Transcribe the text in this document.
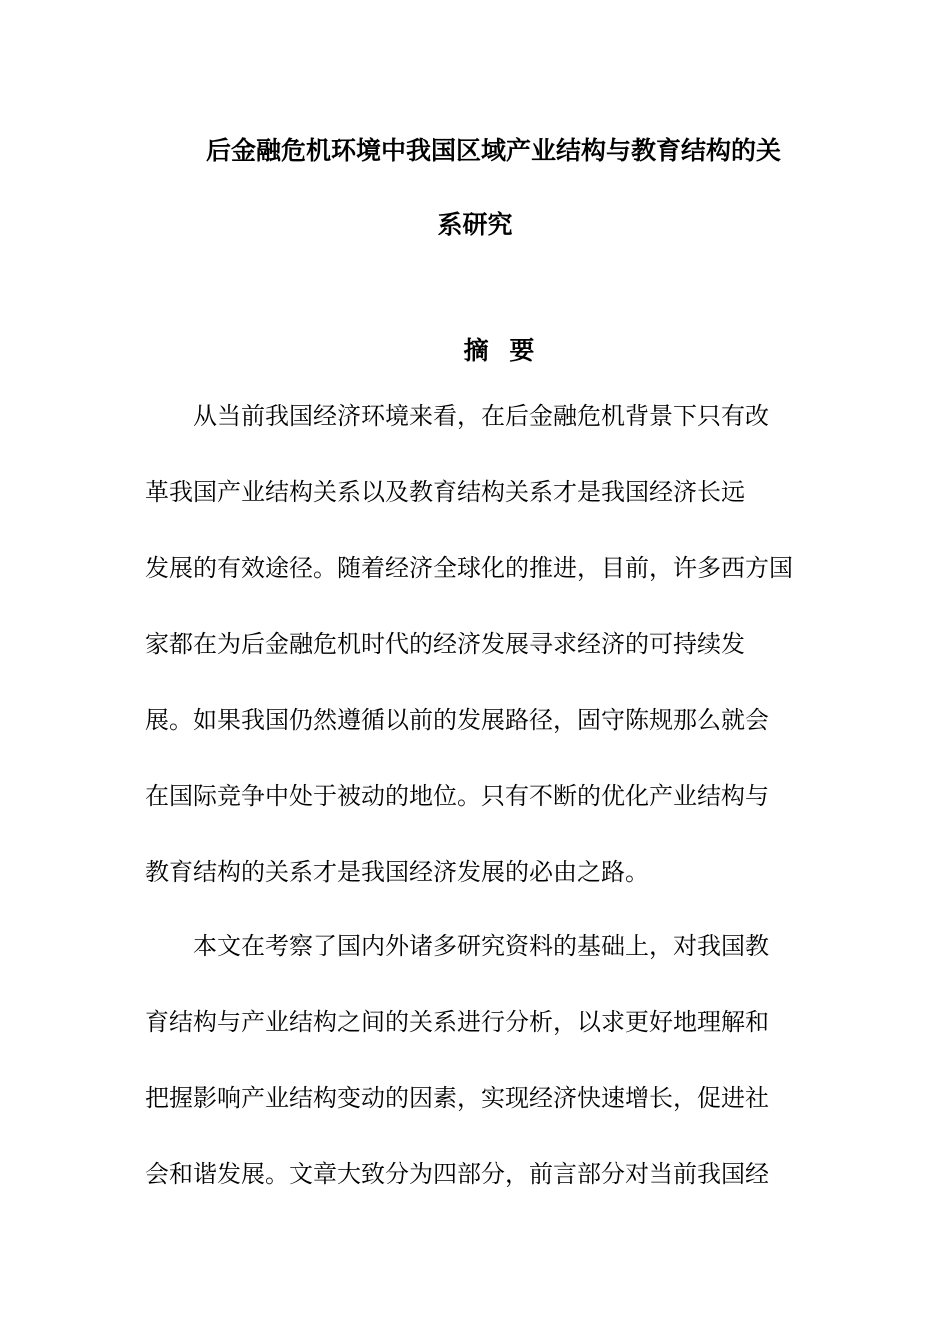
后金融危机环境中我国区域产业结构与教育结构的关
系研究
摘 要
从当前我国经济环境来看，在后金融危机背景下只有改
革我国产业结构关系以及教育结构关系才是我国经济长远
发展的有效途径。随着经济全球化的推进，目前，许多西方国
家都在为后金融危机时代的经济发展寻求经济的可持续发
展。如果我国仍然遵循以前的发展路径，固守陈规那么就会
在国际竞争中处于被动的地位。只有不断的优化产业结构与
教育结构的关系才是我国经济发展的必由之路。
本文在考察了国内外诸多研究资料的基础上，对我国教
育结构与产业结构之间的关系进行分析，以求更好地理解和
把握影响产业结构变动的因素，实现经济快速增长，促进社
会和谐发展。文章大致分为四部分，前言部分对当前我国经
